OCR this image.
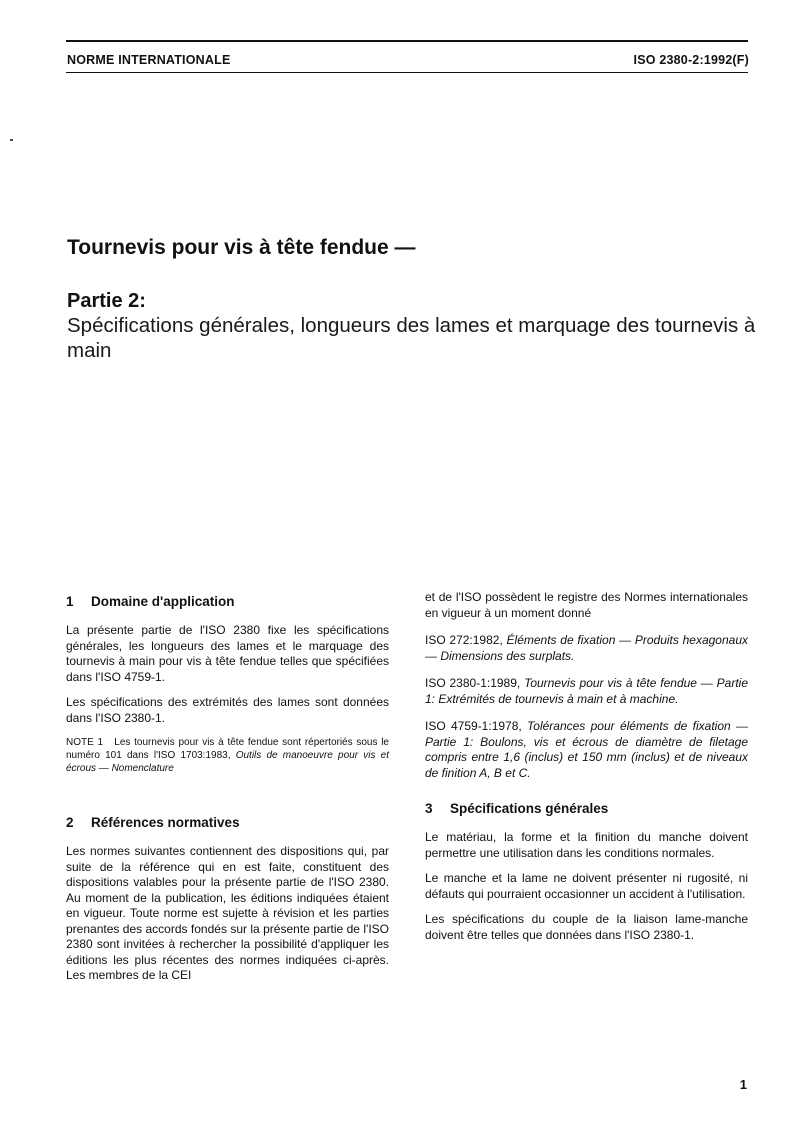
NORME INTERNATIONALE	ISO 2380-2:1992(F)
Tournevis pour vis à tête fendue —
Partie 2:
Spécifications générales, longueurs des lames et marquage des tournevis à main
1 Domaine d'application

La présente partie de l'ISO 2380 fixe les spécifications générales, les longueurs des lames et le marquage des tournevis à main pour vis à tête fendue telles que spécifiées dans l'ISO 4759-1.

Les spécifications des extrémités des lames sont données dans l'ISO 2380-1.

NOTE 1 Les tournevis pour vis à tête fendue sont répertoriés sous le numéro 101 dans l'ISO 1703:1983, Outils de manoeuvre pour vis et écrous — Nomenclature

2 Références normatives

Les normes suivantes contiennent des dispositions qui, par suite de la référence qui en est faite, constituent des dispositions valables pour la présente partie de l'ISO 2380. Au moment de la publication, les éditions indiquées étaient en vigueur. Toute norme est sujette à révision et les parties prenantes des accords fondés sur la présente partie de l'ISO 2380 sont invitées à rechercher la possibilité d'appliquer les éditions les plus récentes des normes indiquées ci-après. Les membres de la CEI

et de l'ISO possèdent le registre des Normes internationales en vigueur à un moment donné

ISO 272:1982, Éléments de fixation — Produits hexagonaux — Dimensions des surplats.

ISO 2380-1:1989, Tournevis pour vis à tête fendue — Partie 1: Extrémités de tournevis à main et à machine.

ISO 4759-1:1978, Tolérances pour éléments de fixation — Partie 1: Boulons, vis et écrous de diamètre de filetage compris entre 1,6 (inclus) et 150 mm (inclus) et de niveaux de finition A, B et C.

3 Spécifications générales

Le matériau, la forme et la finition du manche doivent permettre une utilisation dans les conditions normales.

Le manche et la lame ne doivent présenter ni rugosité, ni défauts qui pourraient occasionner un accident à l'utilisation.

Les spécifications du couple de la liaison lame-manche doivent être telles que données dans l'ISO 2380-1.

1
